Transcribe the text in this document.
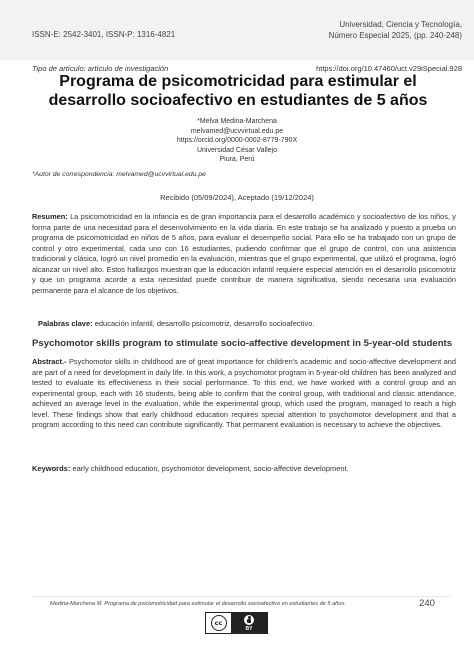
ISSN-E: 2542-3401, ISSN-P: 1316-4821
Universidad, Ciencia y Tecnología,
Número Especial 2025, (pp. 240-248)
Tipo de artículo: artículo de investigación	https://doi.org/10.47460/uct.v29iSpecial.928
Programa de psicomotricidad para estimular el desarrollo socioafectivo en estudiantes de 5 años
*Melva Medina-Marchena
melvamed@ucvvirtual.edu.pe
https://orcid.org/0000-0002-8779-790X
Universidad César Vallejo
Piura, Perú
*Autor de correspondencia: melvamed@ucvvirtual.edu.pe
Recibido (05/09/2024), Aceptado (19/12/2024)

Resumen: La psicomotricidad en la infancia es de gran importancia para el desarrollo académico y socioafectivo de los niños, y forma parte de una necesidad para el desenvolvimiento en la vida diaria. En este trabajo se ha analizado y puesto a prueba un programa de psicomotricidad en niños de 5 años, para evaluar el desempeño social. Para ello se ha trabajado con un grupo de control y otro experimental, cada uno con 16 estudiantes, pudiendo confirmar que el grupo de control, con una asistencia tradicional y clásica, logró un nivel promedio en la evaluación, mientras que el grupo experimental, que utilizó el programa, logró alcanzar un nivel alto. Estos hallazgos muestran que la educación infantil requiere especial atención en el desarrollo psicomotriz y que un programa acorde a esta necesidad puede contribuir de manera significativa, siendo necesaria una evaluación permanente para el alcance de los objetivos.

Palabras clave: educación infantil, desarrollo psicomotriz, desarrollo socioafectivo.

Psychomotor skills program to stimulate socio-affective development in 5-year-old students

Abstract.- Psychomotor skills in childhood are of great importance for children's academic and socio-affective development and are part of a need for development in daily life. In this work, a psychomotor program in 5-year-old children has been analyzed and tested to evaluate its effectiveness in their social performance. To this end, we have worked with a control group and an experimental group, each with 16 students, being able to confirm that the control group, with traditional and classic attendance, achieved an average level in the evaluation, while the experimental group, which used the program, managed to reach a high level. These findings show that early childhood education requires special attention to psychomotor development and that a program according to this need can contribute significantly. That permanent evaluation is necessary to achieve the objectives.

Keywords: early childhood education, psychomotor development, socio-affective development.

Medina-Marchena M. Programa de psicomotricidad para estimular el desarrollo socioafectivo en estudiantes de 5 años.	240
cc
BY
